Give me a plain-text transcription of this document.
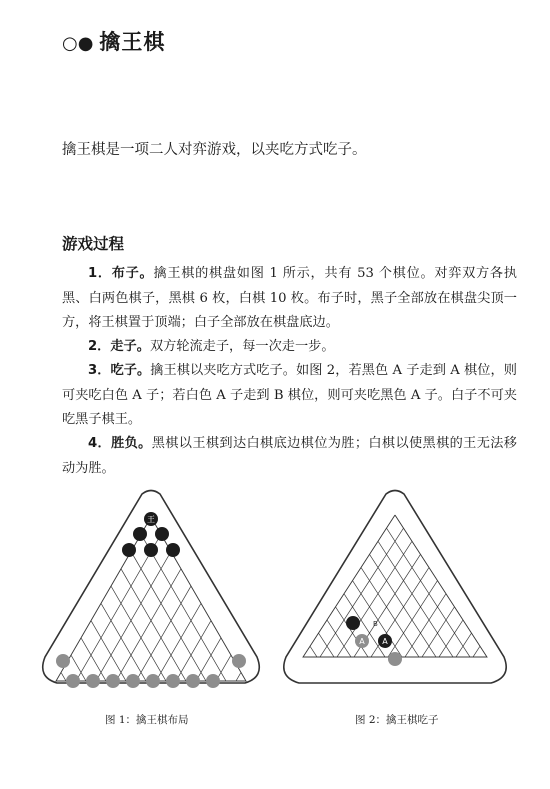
○● 擒王棋
擒王棋是一项二人对弈游戏，以夹吃方式吃子。
游戏过程
1．布子。擒王棋的棋盘如图 1 所示，共有 53 个棋位。对弈双方各执黑、白两色棋子，黑棋 6 枚，白棋 10 枚。布子时，黑子全部放在棋盘尖顶一方，将王棋置于顶端；白子全部放在棋盘底边。
2．走子。双方轮流走子，每一次走一步。
3．吃子。擒王棋以夹吃方式吃子。如图 2，若黑色 A 子走到 A 棋位，则可夹吃白色 A 子；若白色 A 子走到 B 棋位，则可夹吃黑色 A 子。白子不可夹吃黑子棋王。
4．胜负。黑棋以王棋到达白棋底边棋位为胜；白棋以使黑棋的王无法移动为胜。
王
B
A A
图 1：擒王棋布局	图 2：擒王棋吃子
